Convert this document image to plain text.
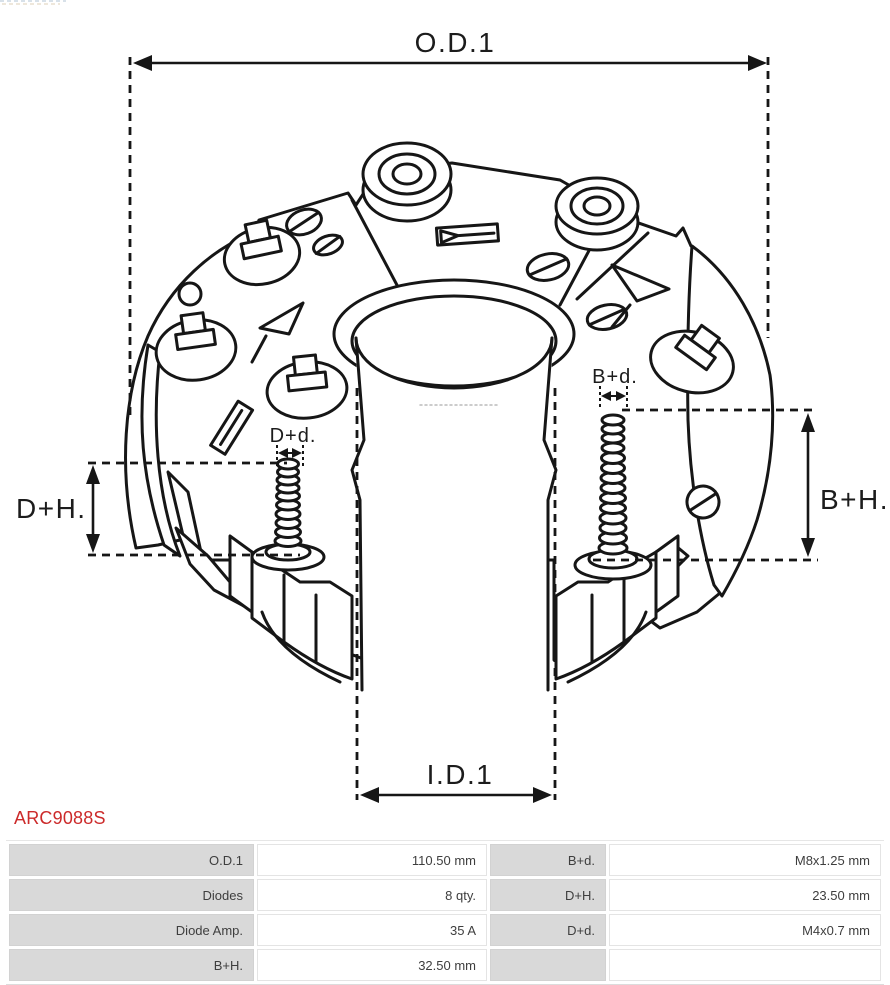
O.D.1
I.D.1
D+H.	B+H.
D+d.
B+d.
ARC9088S
O.D.1	110.50 mm	B+d.	M8x1.25 mm
Diodes	8 qty.	D+H.	23.50 mm
Diode Amp.	35 A	D+d.	M4x0.7 mm
B+H.	32.50 mm		
